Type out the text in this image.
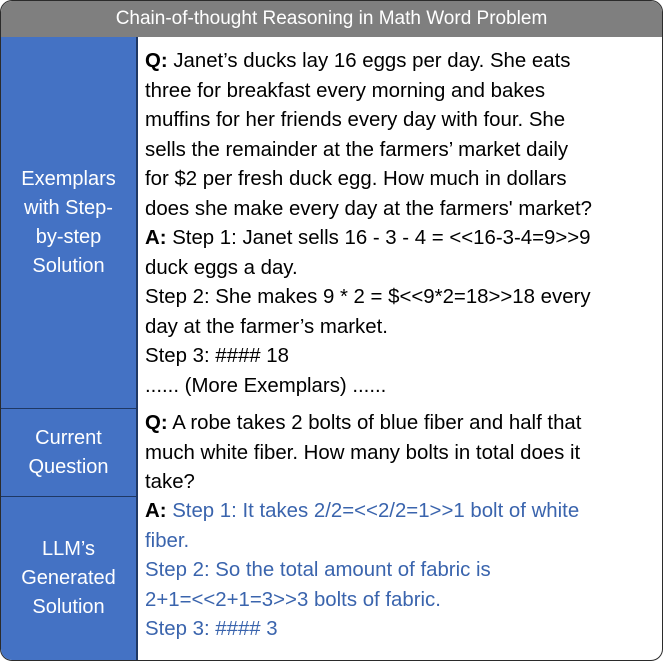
Chain-of-thought Reasoning in Math Word Problem
Exemplars
with Step-
by-step
Solution
Current
Question
LLM’s
Generated
Solution
Q: Janet’s ducks lay 16 eggs per day. She eats
three for breakfast every morning and bakes
muffins for her friends every day with four. She
sells the remainder at the farmers’ market daily
for $2 per fresh duck egg. How much in dollars
does she make every day at the farmers' market?
A: Step 1: Janet sells 16 - 3 - 4 = <<16-3-4=9>>9
duck eggs a day.
Step 2: She makes 9 * 2 = $<<9*2=18>>18 every
day at the farmer’s market.
Step 3: #### 18
...... (More Exemplars) ......
Q: A robe takes 2 bolts of blue fiber and half that
much white fiber. How many bolts in total does it
take?
A: Step 1: It takes 2/2=<<2/2=1>>1 bolt of white
fiber.
Step 2: So the total amount of fabric is
2+1=<<2+1=3>>3 bolts of fabric.
Step 3: #### 3
